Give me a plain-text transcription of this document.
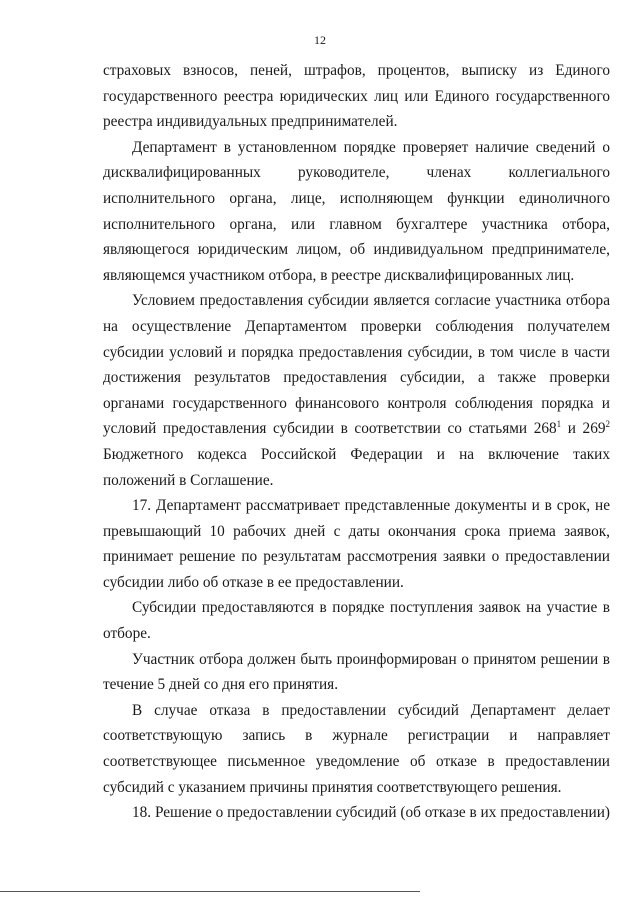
12

страховых взносов, пеней, штрафов, процентов, выписку из Единого
государственного реестра юридических лиц или Единого государственного
реестра индивидуальных предпринимателей.

Департамент в установленном порядке проверяет наличие сведений о
дисквалифицированных руководителе, членах коллегиального
исполнительного органа, лице, исполняющем функции единоличного
исполнительного органа, или главном бухгалтере участника отбора,
являющегося юридическим лицом, об индивидуальном предпринимателе,
являющемся участником отбора, в реестре дисквалифицированных лиц.

Условием предоставления субсидии является согласие участника отбора
на осуществление Департаментом проверки соблюдения получателем
субсидии условий и порядка предоставления субсидии, в том числе в части
достижения результатов предоставления субсидии, а также проверки
органами государственного финансового контроля соблюдения порядка и
условий предоставления субсидии в соответствии со статьями $268^1$ и $269^2$
Бюджетного кодекса Российской Федерации и на включение таких
положений в Соглашение.

17. Департамент рассматривает представленные документы и в срок, не
превышающий 10 рабочих дней с даты окончания срока приема заявок,
принимает решение по результатам рассмотрения заявки о предоставлении
субсидии либо об отказе в ее предоставлении.

Субсидии предоставляются в порядке поступления заявок на участие в
отборе.

Участник отбора должен быть проинформирован о принятом решении в
течение 5 дней со дня его принятия.

В случае отказа в предоставлении субсидий Департамент делает
соответствующую запись в журнале регистрации и направляет
соответствующее письменное уведомление об отказе в предоставлении
субсидий с указанием причины принятия соответствующего решения.

18. Решение о предоставлении субсидий (об отказе в их предоставлении)
